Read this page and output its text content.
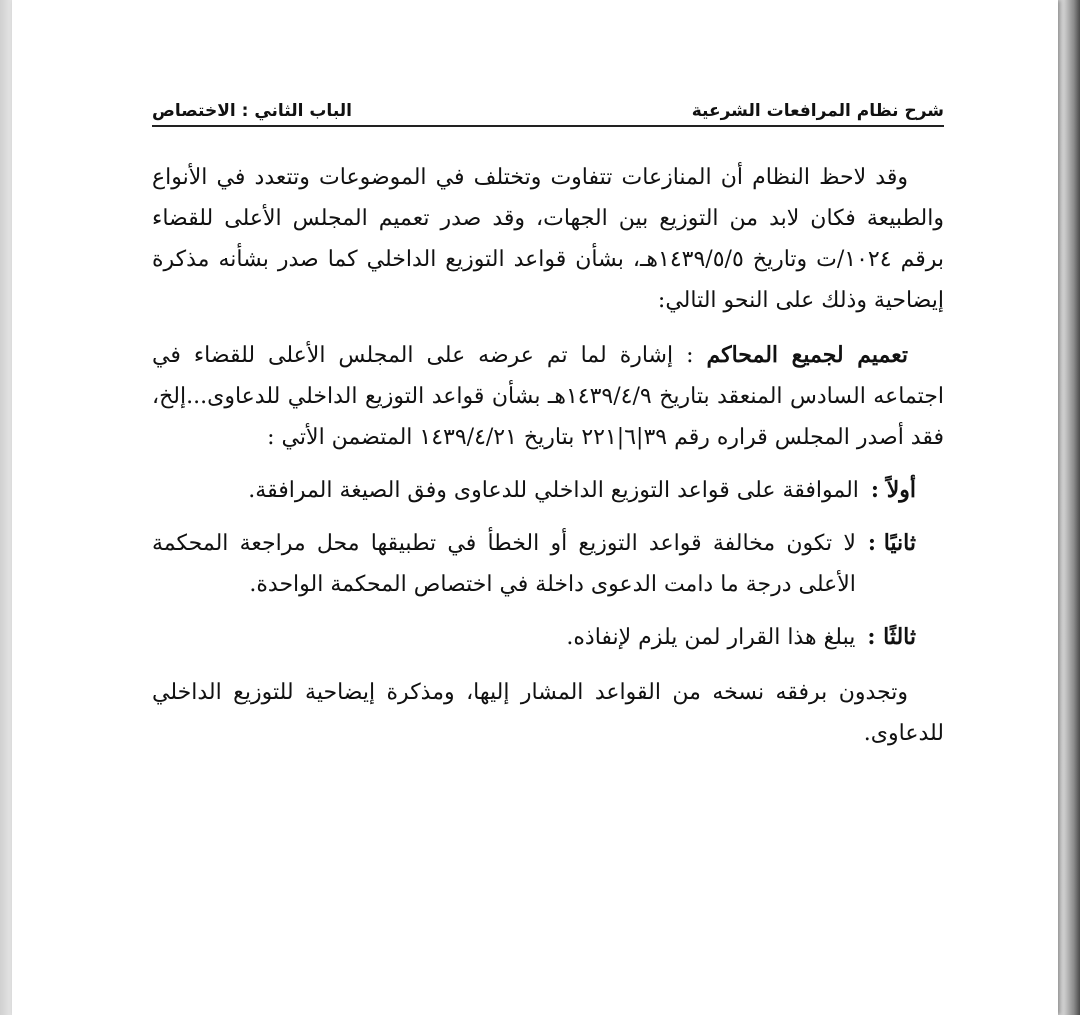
شرح نظام المرافعات الشرعية
الباب الثاني : الاختصاص

وقد لاحظ النظام أن المنازعات تتفاوت وتختلف في الموضوعات وتتعدد في الأنواع والطبيعة فكان لابد من التوزيع بين الجهات، وقد صدر تعميم المجلس الأعلى للقضاء برقم ١٠٢٤/ت وتاريخ ١٤٣٩/٥/٥هـ، بشأن قواعد التوزيع الداخلي كما صدر بشأنه مذكرة إيضاحية وذلك على النحو التالي:

تعميم لجميع المحاكم : إشارة لما تم عرضه على المجلس الأعلى للقضاء في اجتماعه السادس المنعقد بتاريخ ١٤٣٩/٤/٩هـ بشأن قواعد التوزيع الداخلي للدعاوى...إلخ، فقد أصدر المجلس قراره رقم ٣٩|٦|٢٢١ بتاريخ ١٤٣٩/٤/٢١ المتضمن الأتي :

أولاً :
الموافقة على قواعد التوزيع الداخلي للدعاوى وفق الصيغة المرافقة.
ثانيًا :
لا تكون مخالفة قواعد التوزيع أو الخطأ في تطبيقها محل مراجعة المحكمة الأعلى درجة ما دامت الدعوى داخلة في اختصاص المحكمة الواحدة.
ثالثًا :
يبلغ هذا القرار لمن يلزم لإنفاذه.

وتجدون برفقه نسخه من القواعد المشار إليها، ومذكرة إيضاحية للتوزيع الداخلي للدعاوى.
